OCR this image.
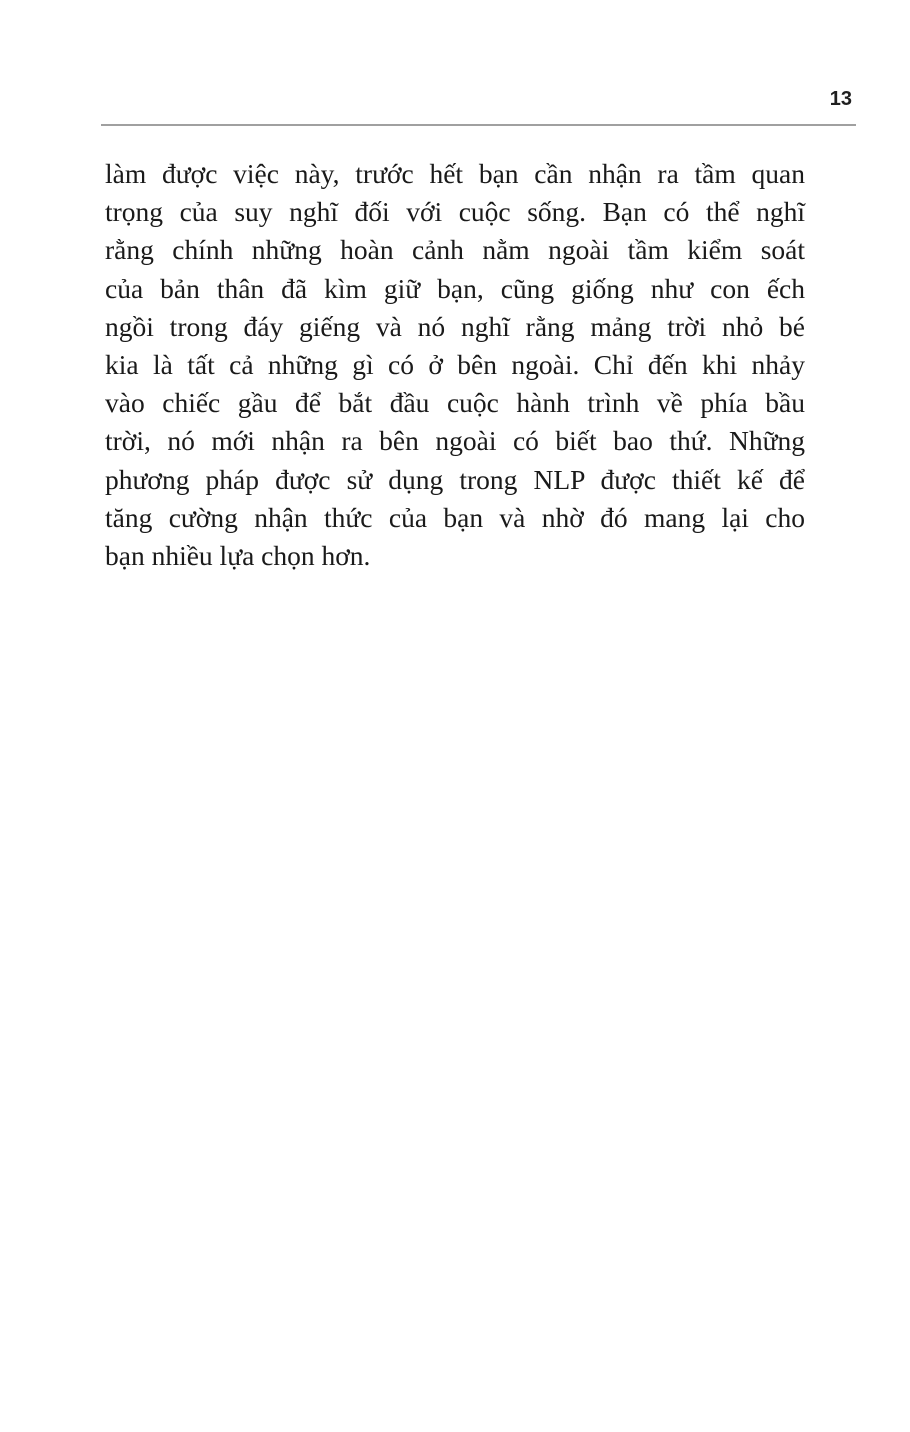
13

làm được việc này, trước hết bạn cần nhận ra tầm quan
trọng của suy nghĩ đối với cuộc sống. Bạn có thể nghĩ
rằng chính những hoàn cảnh nằm ngoài tầm kiểm soát
của bản thân đã kìm giữ bạn, cũng giống như con ếch
ngồi trong đáy giếng và nó nghĩ rằng mảng trời nhỏ bé
kia là tất cả những gì có ở bên ngoài. Chỉ đến khi nhảy
vào chiếc gầu để bắt đầu cuộc hành trình về phía bầu
trời, nó mới nhận ra bên ngoài có biết bao thứ. Những
phương pháp được sử dụng trong NLP được thiết kế để
tăng cường nhận thức của bạn và nhờ đó mang lại cho
bạn nhiều lựa chọn hơn.
